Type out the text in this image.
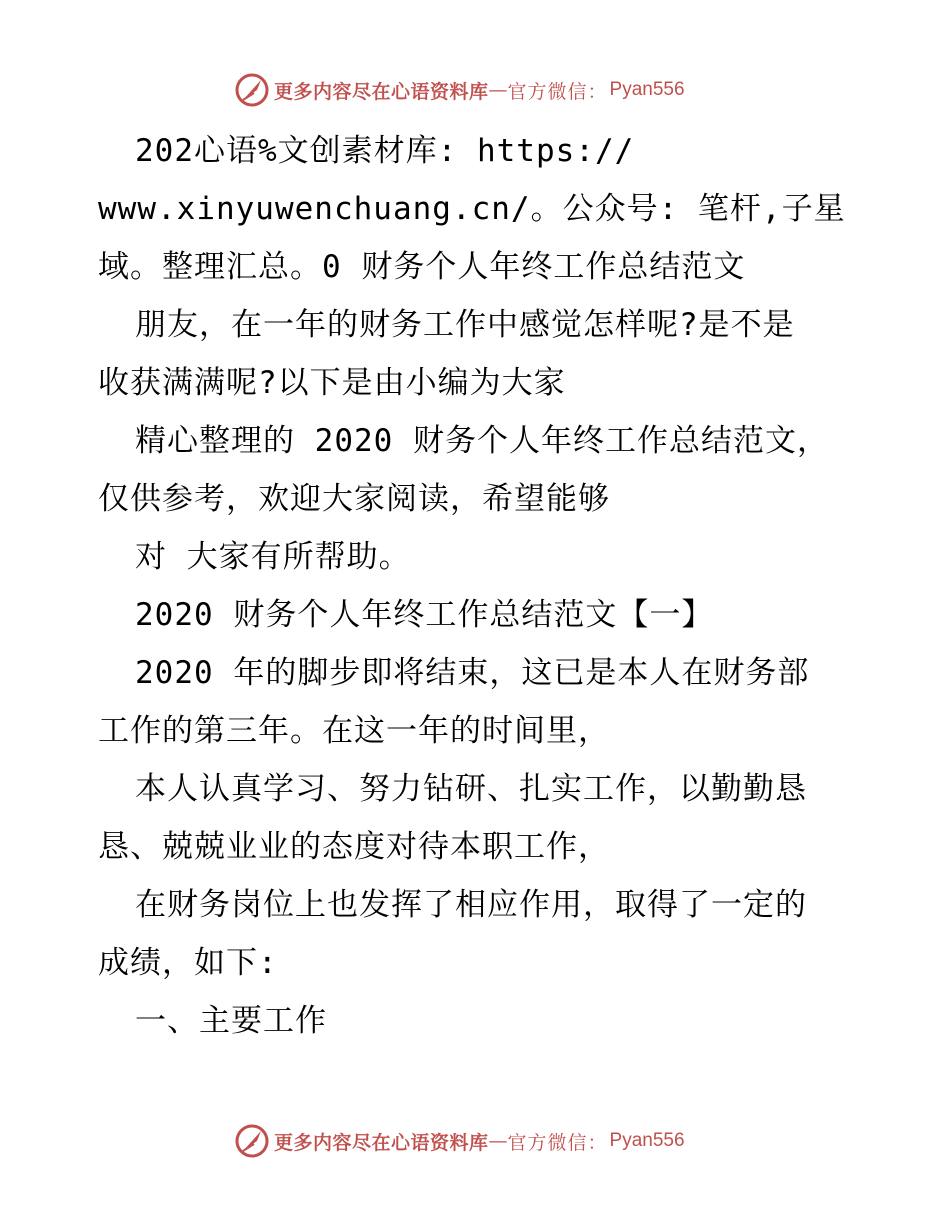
更多内容尽在心语资料库 — 官方微信： Pyan556
202心语%文创素材库: https://
www.xinyuwenchuang.cn/。公众号: 笔杆,子星
域。整理汇总。0 财务个人年终工作总结范文
朋友，在一年的财务工作中感觉怎样呢?是不是
收获满满呢?以下是由小编为大家
精心整理的 2020 财务个人年终工作总结范文，
仅供参考，欢迎大家阅读，希望能够
对 大家有所帮助。
2020 财务个人年终工作总结范文【一】
2020 年的脚步即将结束，这已是本人在财务部
工作的第三年。在这一年的时间里，
本人认真学习、努力钻研、扎实工作，以勤勤恳
恳、兢兢业业的态度对待本职工作，
在财务岗位上也发挥了相应作用，取得了一定的
成绩，如下:
一、主要工作
更多内容尽在心语资料库 — 官方微信： Pyan556
